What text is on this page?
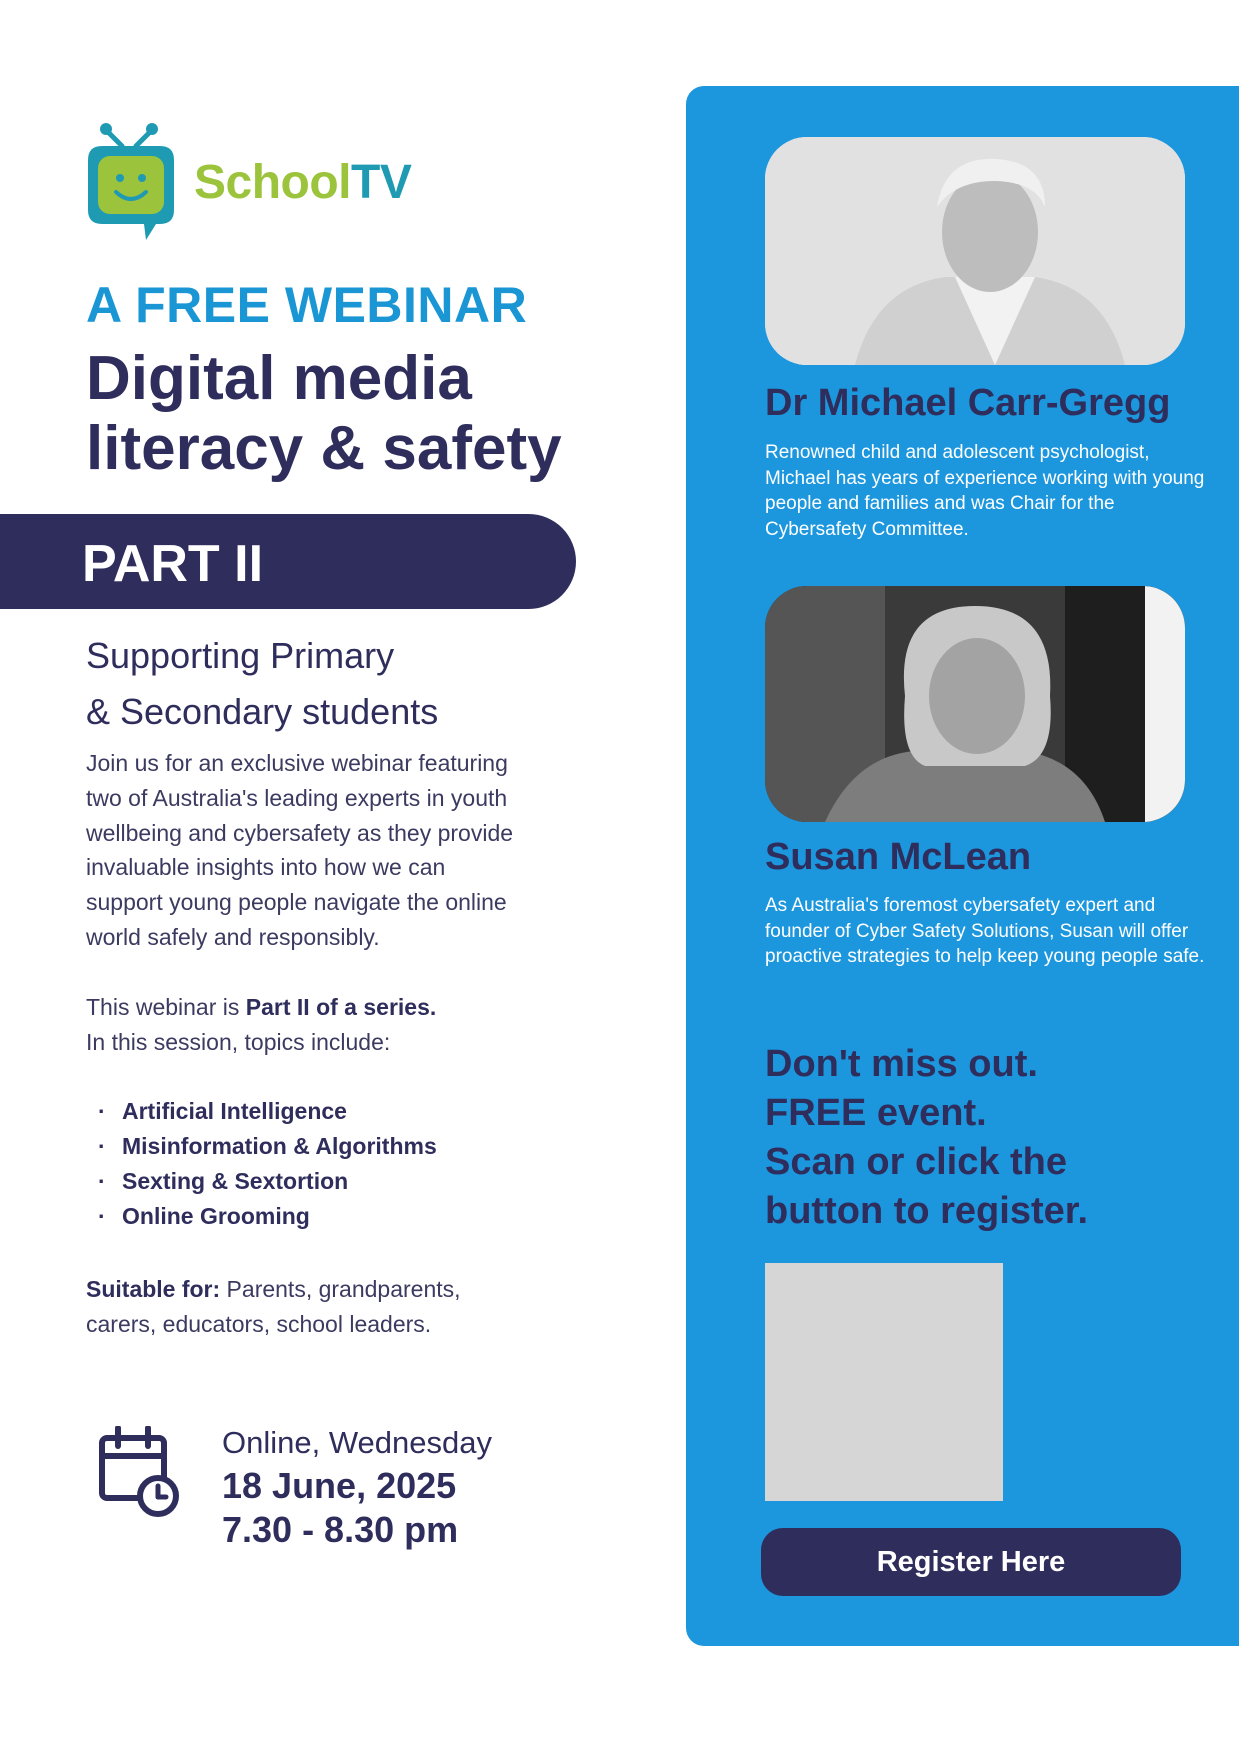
SchoolTV
A FREE WEBINAR
Digital media
literacy & safety
PART II
Supporting Primary
& Secondary students
Join us for an exclusive webinar featuring two of Australia's leading experts in youth wellbeing and cybersafety as they provide invaluable insights into how we can support young people navigate the online world safely and responsibly.
This webinar is Part II of a series.
In this session, topics include:
· Artificial Intelligence
· Misinformation & Algorithms
· Sexting & Sextortion
· Online Grooming
Suitable for: Parents, grandparents, carers, educators, school leaders.
Online, Wednesday
18 June, 2025
7.30 - 8.30 pm
Dr Michael Carr-Gregg
Renowned child and adolescent psychologist, Michael has years of experience working with young people and families and was Chair for the Cybersafety Committee.
Susan McLean
As Australia's foremost cybersafety expert and founder of Cyber Safety Solutions, Susan will offer proactive strategies to help keep young people safe.
Don't miss out.
FREE event.
Scan or click the
button to register.
Register Here
